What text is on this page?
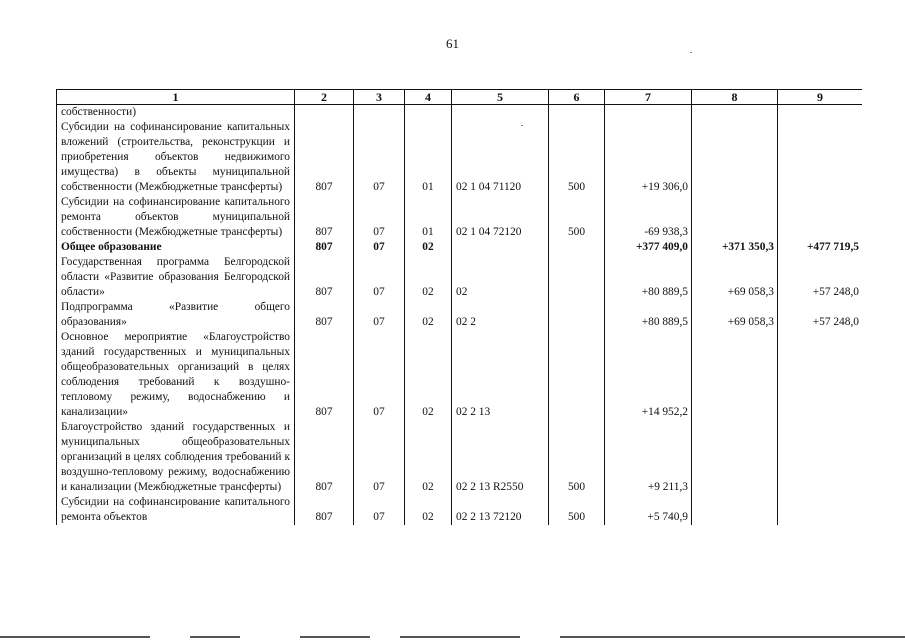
61
1	2	3	4	5	6	7	8	9
собственности)								
Субсидии на софинансирование капитальных вложений (строительства, реконструкции и приобретения объектов недвижимого имущества) в объекты муниципальной собственности (Межбюджетные трансферты)	807	07	01	02 1 04 71120	500	+19 306,0		
Субсидии на софинансирование капитального ремонта объектов муниципальной собственности (Межбюджетные трансферты)	807	07	01	02 1 04 72120	500	-69 938,3		
Общее образование	807	07	02			+377 409,0	+371 350,3	+477 719,5
Государственная программа Белгородской области «Развитие образования Белгородской области»	807	07	02	02		+80 889,5	+69 058,3	+57 248,0
Подпрограмма «Развитие общего образования»	807	07	02	02 2		+80 889,5	+69 058,3	+57 248,0
Основное мероприятие «Благоустройство зданий государственных и муниципальных общеобразовательных организаций в целях соблюдения требований к воздушно-тепловому режиму, водоснабжению и канализации»	807	07	02	02 2 13		+14 952,2		
Благоустройство зданий государственных и муниципальных общеобразовательных организаций в целях соблюдения требований к воздушно-тепловому режиму, водоснабжению и канализации (Межбюджетные трансферты)	807	07	02	02 2 13 R2550	500	+9 211,3		
Субсидии на софинансирование капитального ремонта объектов	807	07	02	02 2 13 72120	500	+5 740,9		
